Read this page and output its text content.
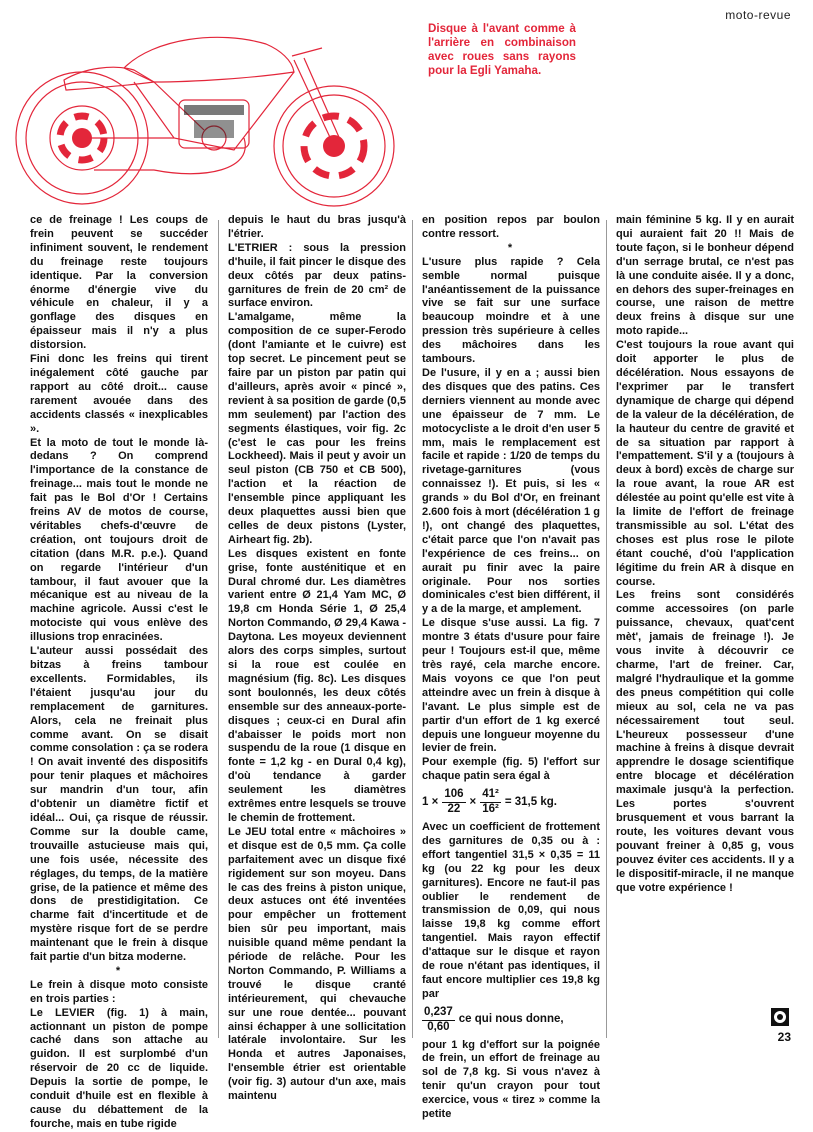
moto-revue
Disque à l'avant comme à l'arrière en combinaison avec roues sans rayons pour la Egli Yamaha.

ce de freinage ! Les coups de frein peuvent se succéder infiniment souvent, le rendement du freinage reste toujours identique. Par la conversion énorme d'énergie vive du véhicule en chaleur, il y a gonflage des disques en épaisseur mais il n'y a plus distorsion.

Fini donc les freins qui tirent inégalement côté gauche par rapport au côté droit... cause rarement avouée dans des accidents classés « inexplicables ».

Et la moto de tout le monde là-dedans ? On comprend l'importance de la constance de freinage... mais tout le monde ne fait pas le Bol d'Or ! Certains freins AV de motos de course, véritables chefs-d'œuvre de création, ont toujours droit de citation (dans M.R. p.e.). Quand on regarde l'intérieur d'un tambour, il faut avouer que la mécanique est au niveau de la machine agricole. Aussi c'est le motociste qui vous enlève des illusions trop enracinées.

L'auteur aussi possédait des bitzas à freins tambour excellents. Formidables, ils l'étaient jusqu'au jour du remplacement de garnitures. Alors, cela ne freinait plus comme avant. On se disait comme consolation : ça se rodera ! On avait inventé des dispositifs pour tenir plaques et mâchoires sur mandrin d'un tour, afin d'obtenir un diamètre fictif et idéal... Oui, ça risque de réussir. Comme sur la double came, trouvaille astucieuse mais qui, une fois usée, nécessite des réglages, du temps, de la matière grise, de la patience et même des dons de prestidigitation. Ce charme fait d'incertitude et de mystère risque fort de se perdre maintenant que le frein à disque fait partie d'un bitza moderne.

*

Le frein à disque moto consiste en trois parties :

Le LEVIER (fig. 1) à main, actionnant un piston de pompe caché dans son attache au guidon. Il est surplombé d'un réservoir de 20 cc de liquide. Depuis la sortie de pompe, le conduit d'huile est en flexible à cause du débattement de la fourche, mais en tube rigide

depuis le haut du bras jusqu'à l'étrier.

L'ETRIER : sous la pression d'huile, il fait pincer le disque des deux côtés par deux patins-garnitures de frein de 20 cm² de surface environ.

L'amalgame, même la composition de ce super-Ferodo (dont l'amiante et le cuivre) est top secret. Le pincement peut se faire par un piston par patin qui d'ailleurs, après avoir « pincé », revient à sa position de garde (0,5 mm seulement) par l'action des segments élastiques, voir fig. 2c (c'est le cas pour les freins Lockheed). Mais il peut y avoir un seul piston (CB 750 et CB 500), l'action et la réaction de l'ensemble pince appliquant les deux plaquettes aussi bien que celles de deux pistons (Lyster, Airheart fig. 2b).

Les disques existent en fonte grise, fonte austénitique et en Dural chromé dur. Les diamètres varient entre Ø 21,4 Yam MC, Ø 19,8 cm Honda Série 1, Ø 25,4 Norton Commando, Ø 29,4 Kawa - Daytona. Les moyeux deviennent alors des corps simples, surtout si la roue est coulée en magnésium (fig. 8c). Les disques sont boulonnés, les deux côtés ensemble sur des anneaux-porte-disques ; ceux-ci en Dural afin d'abaisser le poids mort non suspendu de la roue (1 disque en fonte = 1,2 kg - en Dural 0,4 kg), d'où tendance à garder seulement les diamètres extrêmes entre lesquels se trouve le chemin de frottement.

Le JEU total entre « mâchoires » et disque est de 0,5 mm. Ça colle parfaitement avec un disque fixé rigidement sur son moyeu. Dans le cas des freins à piston unique, deux astuces ont été inventées pour empêcher un frottement bien sûr peu important, mais nuisible quand même pendant la période de relâche. Pour les Norton Commando, P. Williams a trouvé le disque cranté intérieurement, qui chevauche sur une roue dentée... pouvant ainsi échapper à une sollicitation latérale involontaire. Sur les Honda et autres Japonaises, l'ensemble étrier est orientable (voir fig. 3) autour d'un axe, mais maintenu

en position repos par boulon contre ressort.

*

L'usure plus rapide ? Cela semble normal puisque l'anéantissement de la puissance vive se fait sur une surface beaucoup moindre et à une pression très supérieure à celles des mâchoires dans les tambours.

De l'usure, il y en a ; aussi bien des disques que des patins. Ces derniers viennent au monde avec une épaisseur de 7 mm. Le motocycliste a le droit d'en user 5 mm, mais le remplacement est facile et rapide : 1/20 de temps du rivetage-garnitures (vous connaissez !). Et puis, si les « grands » du Bol d'Or, en freinant 2.600 fois à mort (décélération 1 g !), ont changé des plaquettes, c'était parce que l'on n'avait pas l'expérience de ces freins... on aurait pu finir avec la paire originale. Pour nos sorties dominicales c'est bien différent, il y a de la marge, et amplement.

Le disque s'use aussi. La fig. 7 montre 3 états d'usure pour faire peur ! Toujours est-il que, même très rayé, cela marche encore. Mais voyons ce que l'on peut atteindre avec un frein à disque à l'avant. Le plus simple est de partir d'un effort de 1 kg exercé depuis une longueur moyenne du levier de frein.

Pour exemple (fig. 5) l'effort sur chaque patin sera égal à

$1 \times \frac{106}{22} \times \frac{\text{41²}}{\text{16²}} = 31,5$ kg.

Avec un coefficient de frottement des garnitures de 0,35 ou à : effort tangentiel 31,5 × 0,35 = 11 kg (ou 22 kg pour les deux garnitures). Encore ne faut-il pas oublier le rendement de transmission de 0,09, qui nous laisse 19,8 kg comme effort tangentiel. Mais rayon effectif d'attaque sur le disque et rayon de roue n'étant pas identiques, il faut encore multiplier ces 19,8 kg par

$\frac{0,237}{0,60}$ ce qui nous donne,

pour 1 kg d'effort sur la poignée de frein, un effort de freinage au sol de 7,8 kg. Si vous n'avez à tenir qu'un crayon pour tout exercice, vous « tirez » comme la petite

main féminine 5 kg. Il y en aurait qui auraient fait 20 !! Mais de toute façon, si le bonheur dépend d'un serrage brutal, ce n'est pas là une conduite aisée. Il y a donc, en dehors des super-freinages en course, une raison de mettre deux freins à disque sur une moto rapide...

C'est toujours la roue avant qui doit apporter le plus de décélération. Nous essayons de l'exprimer par le transfert dynamique de charge qui dépend de la valeur de la décélération, de la hauteur du centre de gravité et de sa situation par rapport à l'empattement. S'il y a (toujours à deux à bord) excès de charge sur la roue avant, la roue AR est délestée au point qu'elle est vite à la limite de l'effort de freinage transmissible au sol. L'état des choses est plus rose le pilote étant couché, d'où l'application légitime du frein AR à disque en course.

Les freins sont considérés comme accessoires (on parle puissance, chevaux, quat'cent mèt', jamais de freinage !). Je vous invite à découvrir ce charme, l'art de freiner. Car, malgré l'hydraulique et la gomme des pneus compétition qui colle mieux au sol, cela ne va pas nécessairement tout seul. L'heureux possesseur d'une machine à freins à disque devrait apprendre le dosage scientifique entre blocage et décélération maximale jusqu'à la perfection. Les portes s'ouvrent brusquement et vous barrant la route, les voitures devant vous pouvant freiner à 0,85 g, vous pouvez éviter ces accidents. Il y a le dispositif-miracle, il ne manque que votre expérience !

23
